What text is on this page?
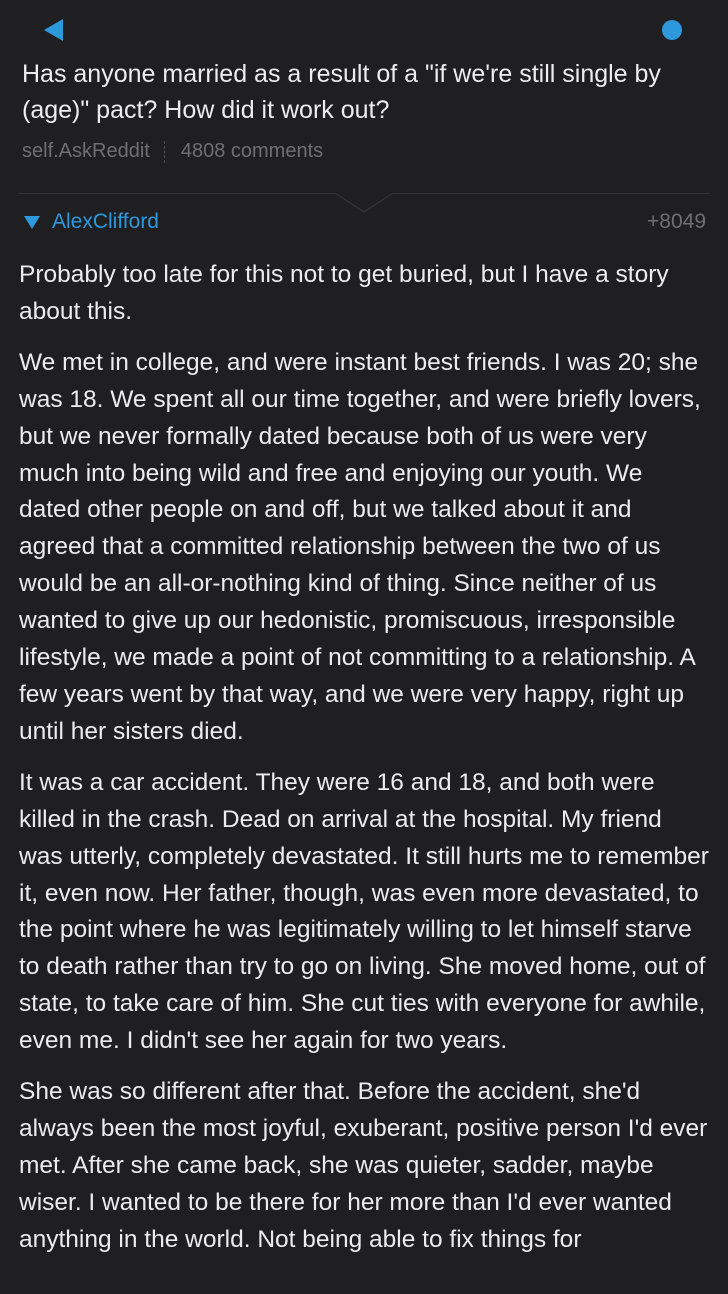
Has anyone married as a result of a "if we're still single by (age)" pact? How did it work out?
self.AskReddit 4808 comments
AlexClifford	+8049

Probably too late for this not to get buried, but I have a story about this.

We met in college, and were instant best friends. I was 20; she was 18. We spent all our time together, and were briefly lovers, but we never formally dated because both of us were very much into being wild and free and enjoying our youth. We dated other people on and off, but we talked about it and agreed that a committed relationship between the two of us would be an all-or-nothing kind of thing. Since neither of us wanted to give up our hedonistic, promiscuous, irresponsible lifestyle, we made a point of not committing to a relationship. A few years went by that way, and we were very happy, right up until her sisters died.

It was a car accident. They were 16 and 18, and both were killed in the crash. Dead on arrival at the hospital. My friend was utterly, completely devastated. It still hurts me to remember it, even now. Her father, though, was even more devastated, to the point where he was legitimately willing to let himself starve to death rather than try to go on living. She moved home, out of state, to take care of him. She cut ties with everyone for awhile, even me. I didn't see her again for two years.

She was so different after that. Before the accident, she'd always been the most joyful, exuberant, positive person I'd ever met. After she came back, she was quieter, sadder, maybe wiser. I wanted to be there for her more than I'd ever wanted anything in the world. Not being able to fix things for
